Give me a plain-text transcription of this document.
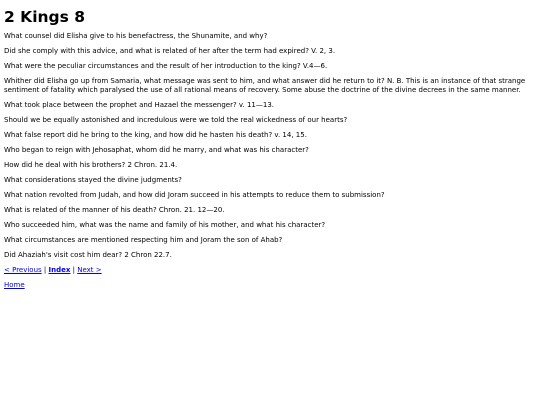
2 Kings 8

What counsel did Elisha give to his benefactress, the Shunamite, and why?

Did she comply with this advice, and what is related of her after the term had expired? V. 2, 3.

What were the peculiar circumstances and the result of her introduction to the king? V.4—6.

Whither did Elisha go up from Samaria, what message was sent to him, and what answer did he return to it? N. B. This is an instance of that strange sentiment of fatality which paralysed the use of all rational means of recovery. Some abuse the doctrine of the divine decrees in the same manner.

What took place between the prophet and Hazael the messenger? v. 11—13.

Should we be equally astonished and incredulous were we told the real wickedness of our hearts?

What false report did he bring to the king, and how did he hasten his death? v. 14, 15.

Who began to reign with Jehosaphat, whom did he marry, and what was his character?

How did he deal with his brothers? 2 Chron. 21.4.

What considerations stayed the divine judgments?

What nation revolted from Judah, and how did Joram succeed in his attempts to reduce them to submission?

What is related of the manner of his death? Chron. 21. 12—20.

Who succeeded him, what was the name and family of his mother, and what his character?

What circumstances are mentioned respecting him and Joram the son of Ahab?

Did Ahaziah's visit cost him dear? 2 Chron 22.7.

< Previous | Index | Next >
Home
